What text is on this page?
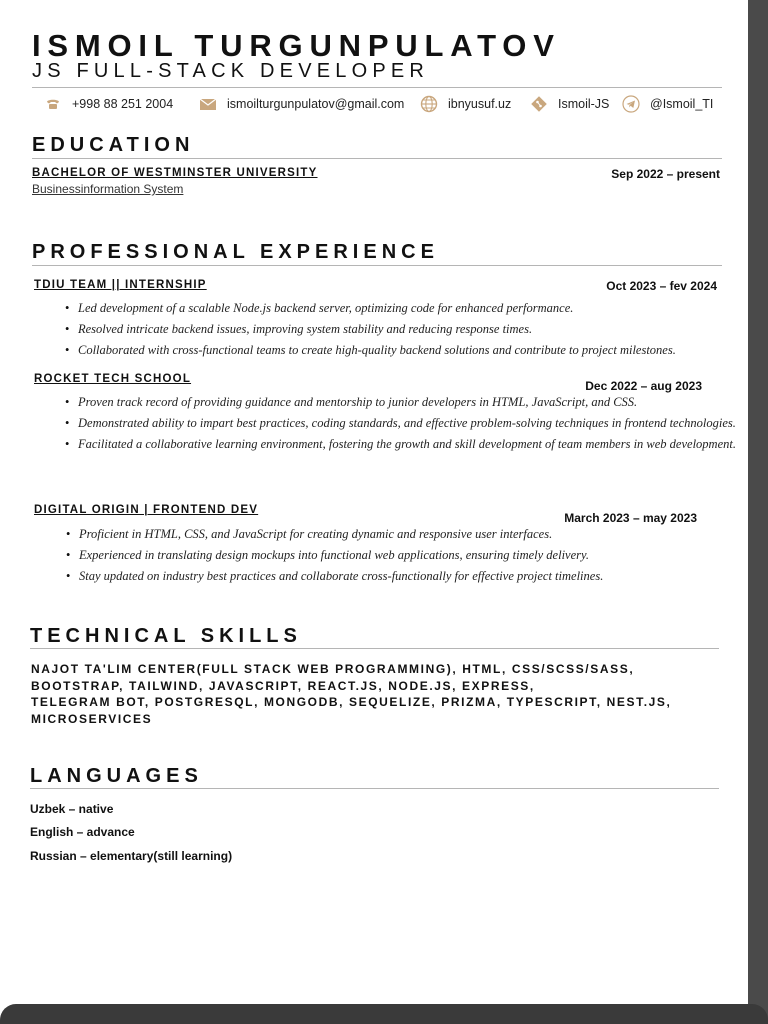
ISMOIL TURGUNPULATOV
JS FULL-STACK DEVELOPER
+998 88 251 2004	ismoilturgunpulatov@gmail.com	ibnyusuf.uz	Ismoil-JS	@Ismoil_TI
EDUCATION
BACHELOR OF WESTMINSTER UNIVERSITY
Businessinformation System
Sep 2022 – present
PROFESSIONAL EXPERIENCE
TDIU TEAM || INTERNSHIP	Oct 2023 – fev 2024
• Led development of a scalable Node.js backend server, optimizing code for enhanced performance.
• Resolved intricate backend issues, improving system stability and reducing response times.
• Collaborated with cross-functional teams to create high-quality backend solutions and contribute to project milestones.
ROCKET TECH SCHOOL	Dec 2022 – aug 2023
• Proven track record of providing guidance and mentorship to junior developers in HTML, JavaScript, and CSS.
• Demonstrated ability to impart best practices, coding standards, and effective problem-solving techniques in frontend technologies.
• Facilitated a collaborative learning environment, fostering the growth and skill development of team members in web development.
DIGITAL ORIGIN | FRONTEND DEV
March 2023 – may 2023
• Proficient in HTML, CSS, and JavaScript for creating dynamic and responsive user interfaces.
• Experienced in translating design mockups into functional web applications, ensuring timely delivery.
• Stay updated on industry best practices and collaborate cross-functionally for effective project timelines.
TECHNICAL SKILLS
NAJOT TA'LIM CENTER(FULL STACK WEB PROGRAMMING), HTML, CSS/SCSS/SASS,
BOOTSTRAP, TAILWIND, JAVASCRIPT, REACT.JS, NODE.JS, EXPRESS,
TELEGRAM BOT, POSTGRESQL, MONGODB, SEQUELIZE, PRIZMA, TYPESCRIPT, NEST.JS,
MICROSERVICES
LANGUAGES
Uzbek – native
English – advance
Russian – elementary(still learning)
